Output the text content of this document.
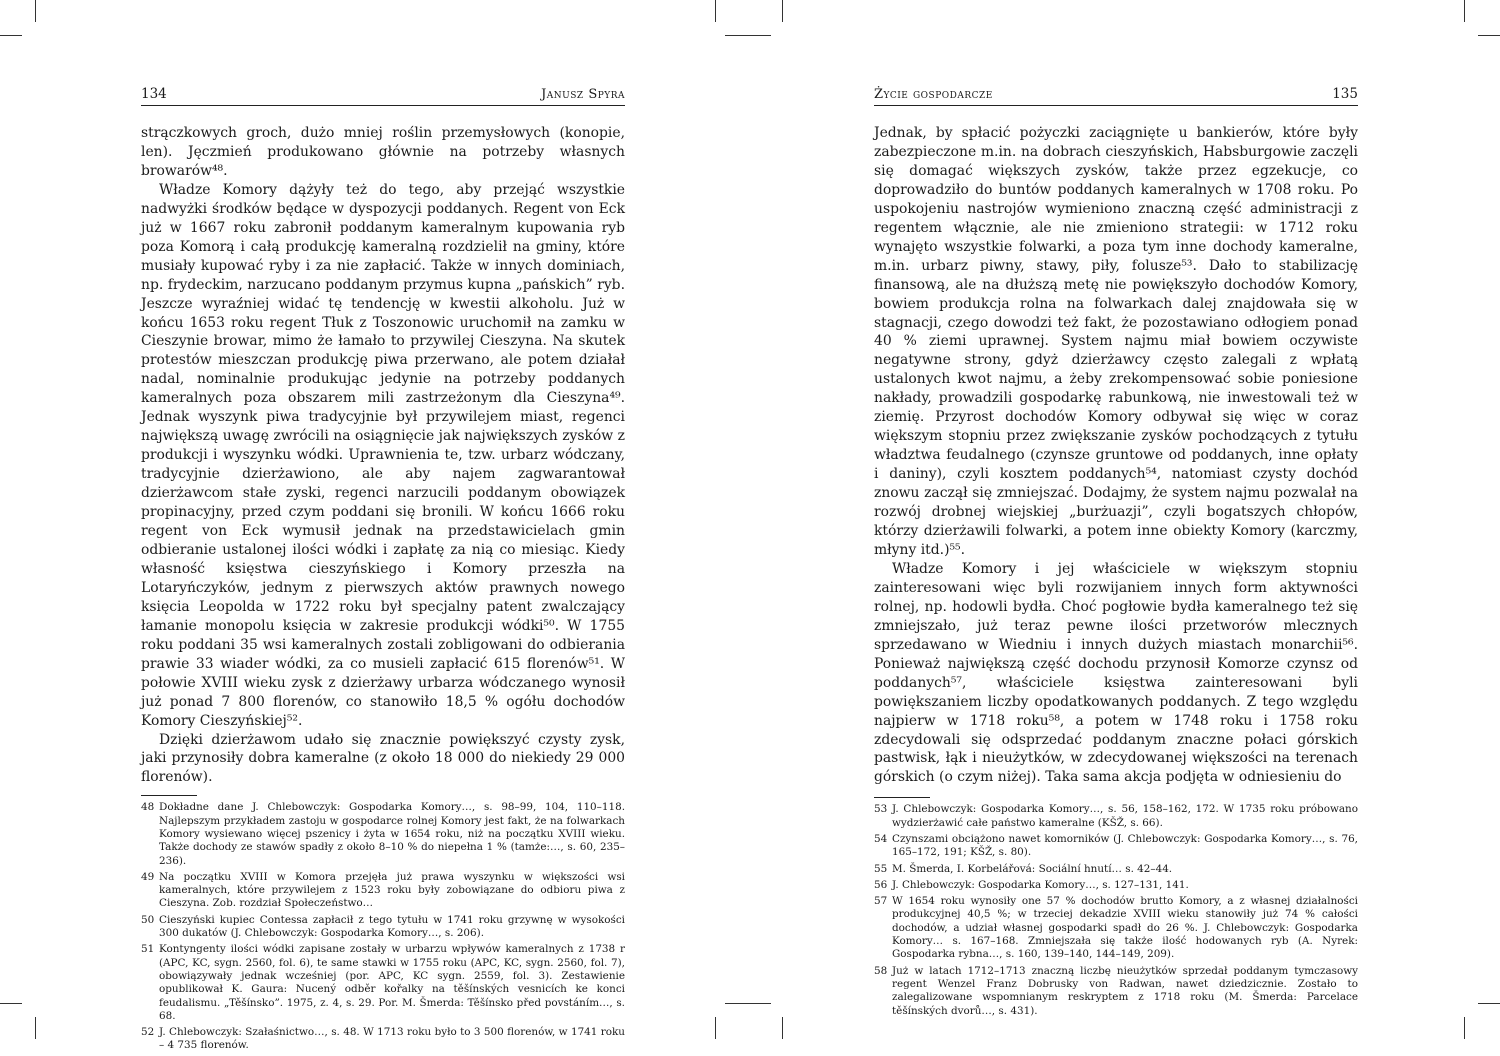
134	Janusz Spyra

strączkowych groch, dużo mniej roślin przemysłowych (konopie, len). Jęczmień produkowano głównie na potrzeby własnych browarów⁴⁸.

Władze Komory dążyły też do tego, aby przejąć wszystkie nadwyżki środków będące w dyspozycji poddanych. Regent von Eck już w 1667 roku zabronił poddanym kameralnym kupowania ryb poza Komorą i całą produkcję kameralną rozdzielił na gminy, które musiały kupować ryby i za nie zapłacić. Także w innych dominiach, np. frydeckim, narzucano poddanym przymus kupna „pańskich” ryb. Jeszcze wyraźniej widać tę tendencję w kwestii alkoholu. Już w końcu 1653 roku regent Tłuk z Toszonowic uruchomił na zamku w Cieszynie browar, mimo że łamało to przywilej Cieszyna. Na skutek protestów mieszczan produkcję piwa przerwano, ale potem działał nadal, nominalnie produkując jedynie na potrzeby poddanych kameralnych poza obszarem mili zastrzeżonym dla Cieszyna⁴⁹. Jednak wyszynk piwa tradycyjnie był przywilejem miast, regenci największą uwagę zwrócili na osiągnięcie jak największych zysków z produkcji i wyszynku wódki. Uprawnienia te, tzw. urbarz wódczany, tradycyjnie dzierżawiono, ale aby najem zagwarantował dzierżawcom stałe zyski, regenci narzucili poddanym obowiązek propinacyjny, przed czym poddani się bronili. W końcu 1666 roku regent von Eck wymusił jednak na przedstawicielach gmin odbieranie ustalonej ilości wódki i zapłatę za nią co miesiąc. Kiedy własność księstwa cieszyńskiego i Komory przeszła na Lotaryńczyków, jednym z pierwszych aktów prawnych nowego księcia Leopolda w 1722 roku był specjalny patent zwalczający łamanie monopolu księcia w zakresie produkcji wódki⁵⁰. W 1755 roku poddani 35 wsi kameralnych zostali zobligowani do odbierania prawie 33 wiader wódki, za co musieli zapłacić 615 florenów⁵¹. W połowie XVIII wieku zysk z dzierżawy urbarza wódczanego wynosił już ponad 7 800 florenów, co stanowiło 18,5 % ogółu dochodów Komory Cieszyńskiej⁵².

Dzięki dzierżawom udało się znacznie powiększyć czysty zysk, jaki przynosiły dobra kameralne (z około 18 000 do niekiedy 29 000 florenów).

48 Dokładne dane J. Chlebowczyk: Gospodarka Komory…, s. 98–99, 104, 110–118. Najlepszym przykładem zastoju w gospodarce rolnej Komory jest fakt, że na folwarkach Komory wysiewano więcej pszenicy i żyta w 1654 roku, niż na początku XVIII wieku. Także dochody ze stawów spadły z około 8–10 % do niepełna 1 % (tamże:…, s. 60, 235–236).
49 Na początku XVIII w Komora przejęła już prawa wyszynku w większości wsi kameralnych, które przywilejem z 1523 roku były zobowiązane do odbioru piwa z Cieszyna. Zob. rozdział Społeczeństwo…
50 Cieszyński kupiec Contessa zapłacił z tego tytułu w 1741 roku grzywnę w wysokości 300 dukatów (J. Chlebowczyk: Gospodarka Komory…, s. 206).
51 Kontyngenty ilości wódki zapisane zostały w urbarzu wpływów kameralnych z 1738 r (APC, KC, sygn. 2560, fol. 6), te same stawki w 1755 roku (APC, KC, sygn. 2560, fol. 7), obowiązywały jednak wcześniej (por. APC, KC sygn. 2559, fol. 3). Zestawienie opublikował K. Gaura: Nucený odběr kořalky na těšínských vesnicích ke konci feudalismu. „Těšínsko”. 1975, z. 4, s. 29. Por. M. Šmerda: Těšínsko před povstáním…, s. 68.
52 J. Chlebowczyk: Szałaśnictwo…, s. 48. W 1713 roku było to 3 500 florenów, w 1741 roku – 4 735 florenów.
Życie gospodarcze	135

Jednak, by spłacić pożyczki zaciągnięte u bankierów, które były zabezpieczone m.in. na dobrach cieszyńskich, Habsburgowie zaczęli się domagać większych zysków, także przez egzekucje, co doprowadziło do buntów poddanych kameralnych w 1708 roku. Po uspokojeniu nastrojów wymieniono znaczną część administracji z regentem włącznie, ale nie zmieniono strategii: w 1712 roku wynajęto wszystkie folwarki, a poza tym inne dochody kameralne, m.in. urbarz piwny, stawy, piły, folusze⁵³. Dało to stabilizację finansową, ale na dłuższą metę nie powiększyło dochodów Komory, bowiem produkcja rolna na folwarkach dalej znajdowała się w stagnacji, czego dowodzi też fakt, że pozostawiano odłogiem ponad 40 % ziemi uprawnej. System najmu miał bowiem oczywiste negatywne strony, gdyż dzierżawcy często zalegali z wpłatą ustalonych kwot najmu, a żeby zrekompensować sobie poniesione nakłady, prowadzili gospodarkę rabunkową, nie inwestowali też w ziemię. Przyrost dochodów Komory odbywał się więc w coraz większym stopniu przez zwiększanie zysków pochodzących z tytułu władztwa feudalnego (czynsze gruntowe od poddanych, inne opłaty i daniny), czyli kosztem poddanych⁵⁴, natomiast czysty dochód znowu zaczął się zmniejszać. Dodajmy, że system najmu pozwalał na rozwój drobnej wiejskiej „burżuazji”, czyli bogatszych chłopów, którzy dzierżawili folwarki, a potem inne obiekty Komory (karczmy, młyny itd.)⁵⁵.

Władze Komory i jej właściciele w większym stopniu zainteresowani więc byli rozwijaniem innych form aktywności rolnej, np. hodowli bydła. Choć pogłowie bydła kameralnego też się zmniejszało, już teraz pewne ilości przetworów mlecznych sprzedawano w Wiedniu i innych dużych miastach monarchii⁵⁶. Ponieważ największą część dochodu przynosił Komorze czynsz od poddanych⁵⁷, właściciele księstwa zainteresowani byli powiększaniem liczby opodatkowanych poddanych. Z tego względu najpierw w 1718 roku⁵⁸, a potem w 1748 roku i 1758 roku zdecydowali się odsprzedać poddanym znaczne połaci górskich pastwisk, łąk i nieużytków, w zdecydowanej większości na terenach górskich (o czym niżej). Taka sama akcja podjęta w odniesieniu do

53 J. Chlebowczyk: Gospodarka Komory…, s. 56, 158–162, 172. W 1735 roku próbowano wydzierżawić całe państwo kameralne (KŠŽ, s. 66).
54 Czynszami obciążono nawet komorników (J. Chlebowczyk: Gospodarka Komory…, s. 76, 165–172, 191; KŠŽ, s. 80).
55 M. Šmerda, I. Korbelářová: Sociální hnutí… s. 42–44.
56 J. Chlebowczyk: Gospodarka Komory…, s. 127–131, 141.
57 W 1654 roku wynosiły one 57 % dochodów brutto Komory, a z własnej działalności produkcyjnej 40,5 %; w trzeciej dekadzie XVIII wieku stanowiły już 74 % całości dochodów, a udział własnej gospodarki spadł do 26 %. J. Chlebowczyk: Gospodarka Komory… s. 167–168. Zmniejszała się także ilość hodowanych ryb (A. Nyrek: Gospodarka rybna…, s. 160, 139–140, 144–149, 209).
58 Już w latach 1712–1713 znaczną liczbę nieużytków sprzedał poddanym tymczasowy regent Wenzel Franz Dobrusky von Radwan, nawet dziedzicznie. Zostało to zalegalizowane wspomnianym reskryptem z 1718 roku (M. Šmerda: Parcelace těšínských dvorů…, s. 431).
